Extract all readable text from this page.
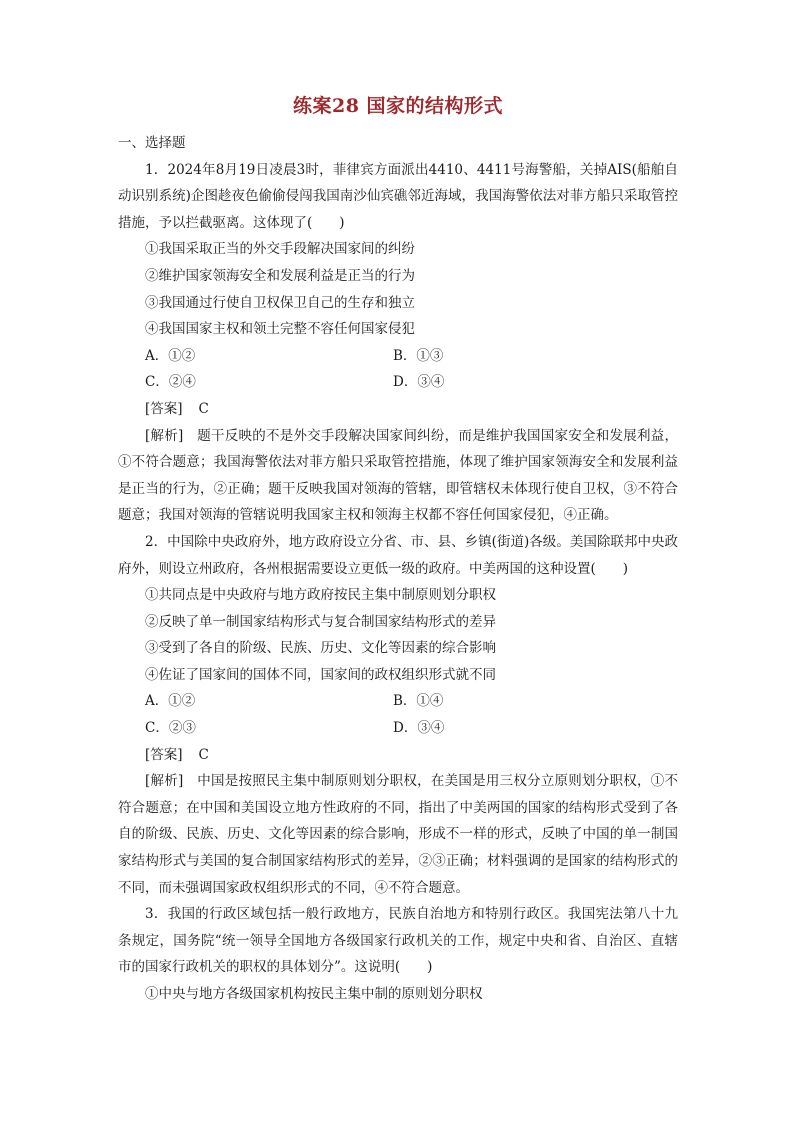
练案28 国家的结构形式
一、选择题

1．2024年8月19日凌晨3时，菲律宾方面派出4410、4411号海警船，关掉AIS(船舶自动识别系统)企图趁夜色偷偷侵闯我国南沙仙宾礁邻近海域，我国海警依法对菲方船只采取管控措施，予以拦截驱离。这体现了(　　)

①我国采取正当的外交手段解决国家间的纠纷

②维护国家领海安全和发展利益是正当的行为

③我国通过行使自卫权保卫自己的生存和独立

④我国国家主权和领土完整不容任何国家侵犯

A．①②	B．①③
C．②④	D．③④

[答案] C

[解析]　题干反映的不是外交手段解决国家间纠纷，而是维护我国国家安全和发展利益，①不符合题意；我国海警依法对菲方船只采取管控措施，体现了维护国家领海安全和发展利益是正当的行为，②正确；题干反映我国对领海的管辖，即管辖权未体现行使自卫权，③不符合题意；我国对领海的管辖说明我国家主权和领海主权都不容任何国家侵犯，④正确。

2．中国除中央政府外，地方政府设立分省、市、县、乡镇(街道)各级。美国除联邦中央政府外，则设立州政府，各州根据需要设立更低一级的政府。中美两国的这种设置(　　)

①共同点是中央政府与地方政府按民主集中制原则划分职权

②反映了单一制国家结构形式与复合制国家结构形式的差异

③受到了各自的阶级、民族、历史、文化等因素的综合影响

④佐证了国家间的国体不同，国家间的政权组织形式就不同

A．①②	B．①④
C．②③	D．③④

[答案] C

[解析]　中国是按照民主集中制原则划分职权，在美国是用三权分立原则划分职权，①不符合题意；在中国和美国设立地方性政府的不同，指出了中美两国的国家的结构形式受到了各自的阶级、民族、历史、文化等因素的综合影响，形成不一样的形式，反映了中国的单一制国家结构形式与美国的复合制国家结构形式的差异，②③正确；材料强调的是国家的结构形式的不同，而未强调国家政权组织形式的不同，④不符合题意。

3．我国的行政区域包括一般行政地方，民族自治地方和特别行政区。我国宪法第八十九条规定，国务院“统一领导全国地方各级国家行政机关的工作，规定中央和省、自治区、直辖市的国家行政机关的职权的具体划分”。这说明(　　)

①中央与地方各级国家机构按民主集中制的原则划分职权
